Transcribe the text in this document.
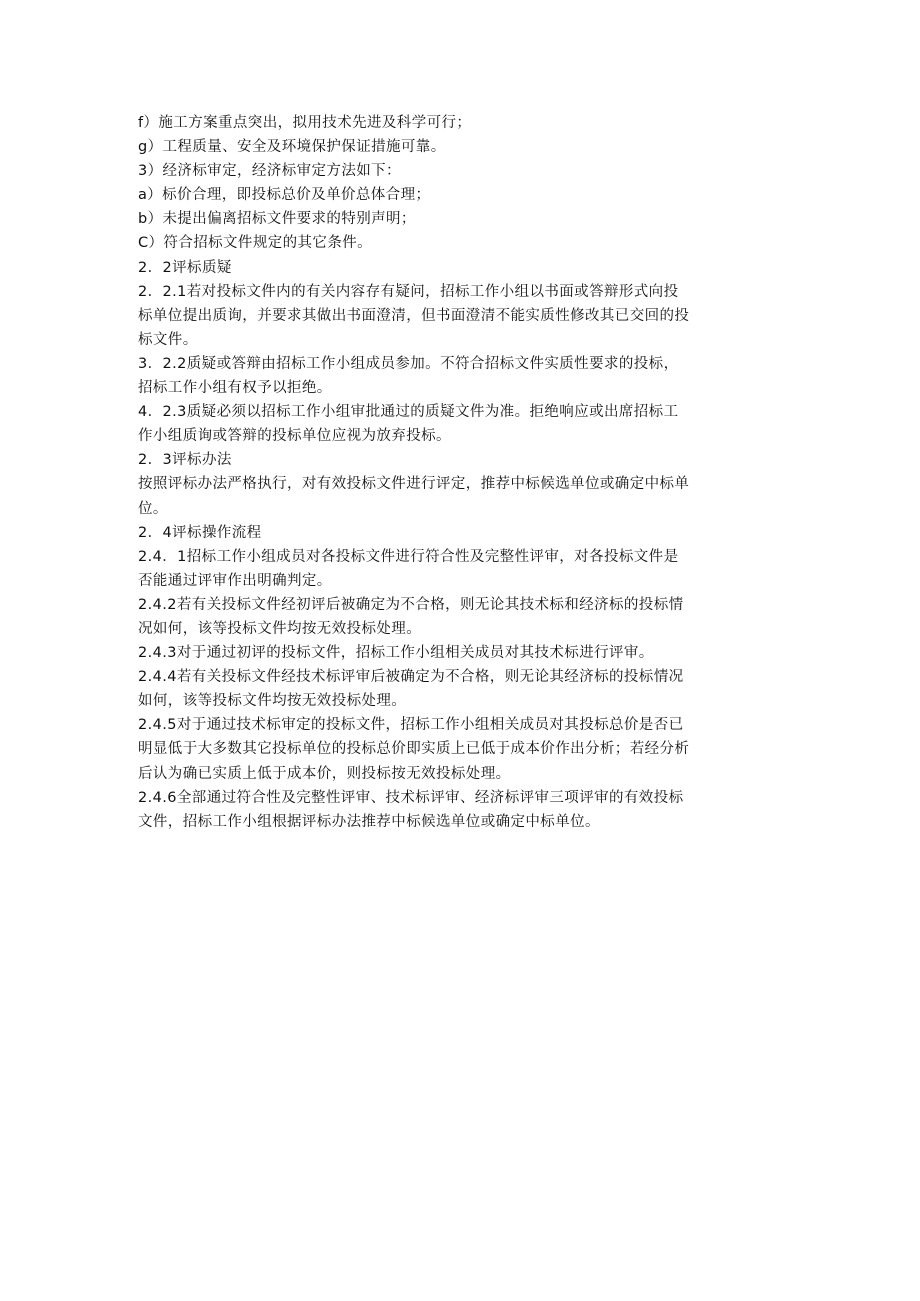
f）施工方案重点突出，拟用技术先进及科学可行；
g）工程质量、安全及环境保护保证措施可靠。
3）经济标审定，经济标审定方法如下：
a）标价合理，即投标总价及单价总体合理；
b）未提出偏离招标文件要求的特别声明；
C）符合招标文件规定的其它条件。
2．2评标质疑
2．2.1若对投标文件内的有关内容存有疑问，招标工作小组以书面或答辩形式向投
标单位提出质询，并要求其做出书面澄清，但书面澄清不能实质性修改其已交回的投
标文件。
3．2.2质疑或答辩由招标工作小组成员参加。不符合招标文件实质性要求的投标，
招标工作小组有权予以拒绝。
4．2.3质疑必须以招标工作小组审批通过的质疑文件为准。拒绝响应或出席招标工
作小组质询或答辩的投标单位应视为放弃投标。
2．3评标办法
按照评标办法严格执行，对有效投标文件进行评定，推荐中标候选单位或确定中标单
位。
2．4评标操作流程
2.4．1招标工作小组成员对各投标文件进行符合性及完整性评审，对各投标文件是
否能通过评审作出明确判定。
2.4.2若有关投标文件经初评后被确定为不合格，则无论其技术标和经济标的投标情
况如何，该等投标文件均按无效投标处理。
2.4.3对于通过初评的投标文件，招标工作小组相关成员对其技术标进行评审。
2.4.4若有关投标文件经技术标评审后被确定为不合格，则无论其经济标的投标情况
如何，该等投标文件均按无效投标处理。
2.4.5对于通过技术标审定的投标文件，招标工作小组相关成员对其投标总价是否已
明显低于大多数其它投标单位的投标总价即实质上已低于成本价作出分析；若经分析
后认为确已实质上低于成本价，则投标按无效投标处理。
2.4.6全部通过符合性及完整性评审、技术标评审、经济标评审三项评审的有效投标
文件，招标工作小组根据评标办法推荐中标候选单位或确定中标单位。
